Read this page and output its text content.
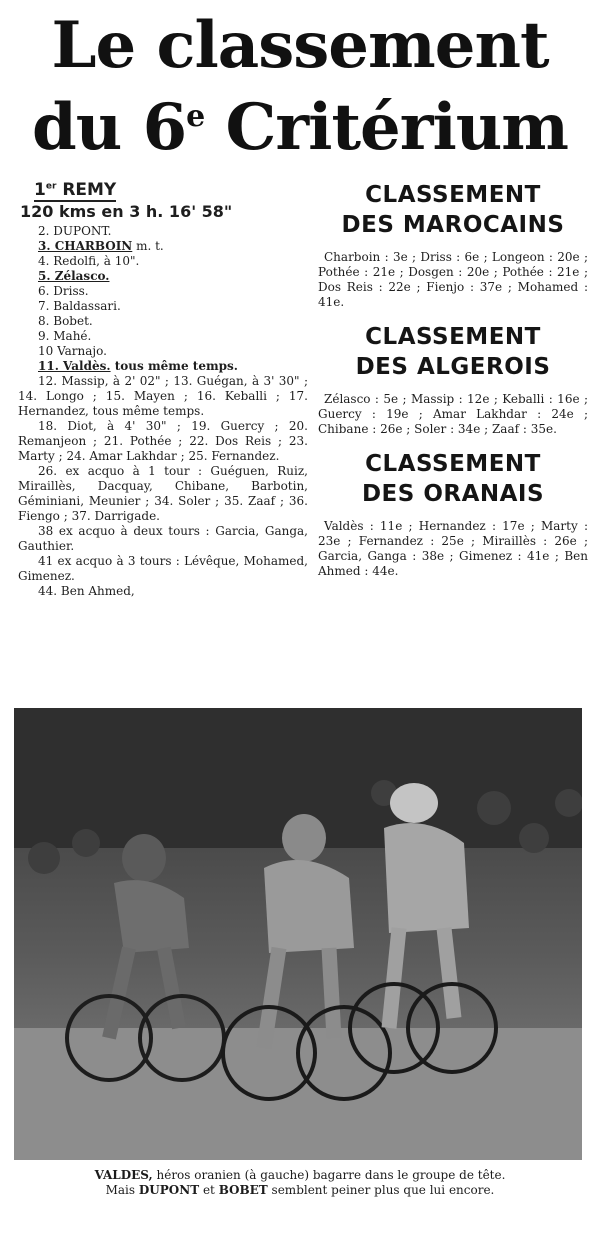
Le classement
du 6e Critérium
1er REMY
120 kms en 3 h. 16' 58"
2. DUPONT.
3. CHARBOIN m. t.
4. Redolfi, à 10".
5. Zélasco.
6. Driss.
7. Baldassari.
8. Bobet.
9. Mahé.
10 Varnajo.
11. Valdès. tous même temps.

12. Massip, à 2' 02" ; 13. Guégan, à 3' 30" ; 14. Longo ; 15. Mayen ; 16. Keballi ; 17. Hernandez, tous même temps.

18. Diot, à 4' 30" ; 19. Guercy ; 20. Remanjeon ; 21. Pothée ; 22. Dos Reis ; 23. Marty ; 24. Amar Lakhdar ; 25. Fernandez.

26. ex acquo à 1 tour : Guéguen, Ruiz, Miraillès, Dacquay, Chibane, Barbotin, Géminiani, Meunier ; 34. Soler ; 35. Zaaf ; 36. Fiengo ; 37. Darrigade.

38 ex acquo à deux tours : Garcia, Ganga, Gauthier.

41 ex acquo à 3 tours : Lévêque, Mohamed, Gimenez.

44. Ben Ahmed,

CLASSEMENT
DES MAROCAINS

Charboin : 3e ; Driss : 6e ; Longeon : 20e ; Pothée : 21e ; Dosgen : 20e ; Pothée : 21e ; Dos Reis : 22e ; Fienjo : 37e ; Mohamed : 41e.

CLASSEMENT
DES ALGEROIS

Zélasco : 5e ; Massip : 12e ; Keballi : 16e ; Guercy : 19e ; Amar Lakhdar : 24e ; Chibane : 26e ; Soler : 34e ; Zaaf : 35e.

CLASSEMENT
DES ORANAIS

Valdès : 11e ; Hernandez : 17e ; Marty : 23e ; Fernandez : 25e ; Miraillès : 26e ; Garcia, Ganga : 38e ; Gimenez : 41e ; Ben Ahmed : 44e.

VALDES, héros oranien (à gauche) bagarre dans le groupe de tête.
Mais DUPONT et BOBET semblent peiner plus que lui encore.
